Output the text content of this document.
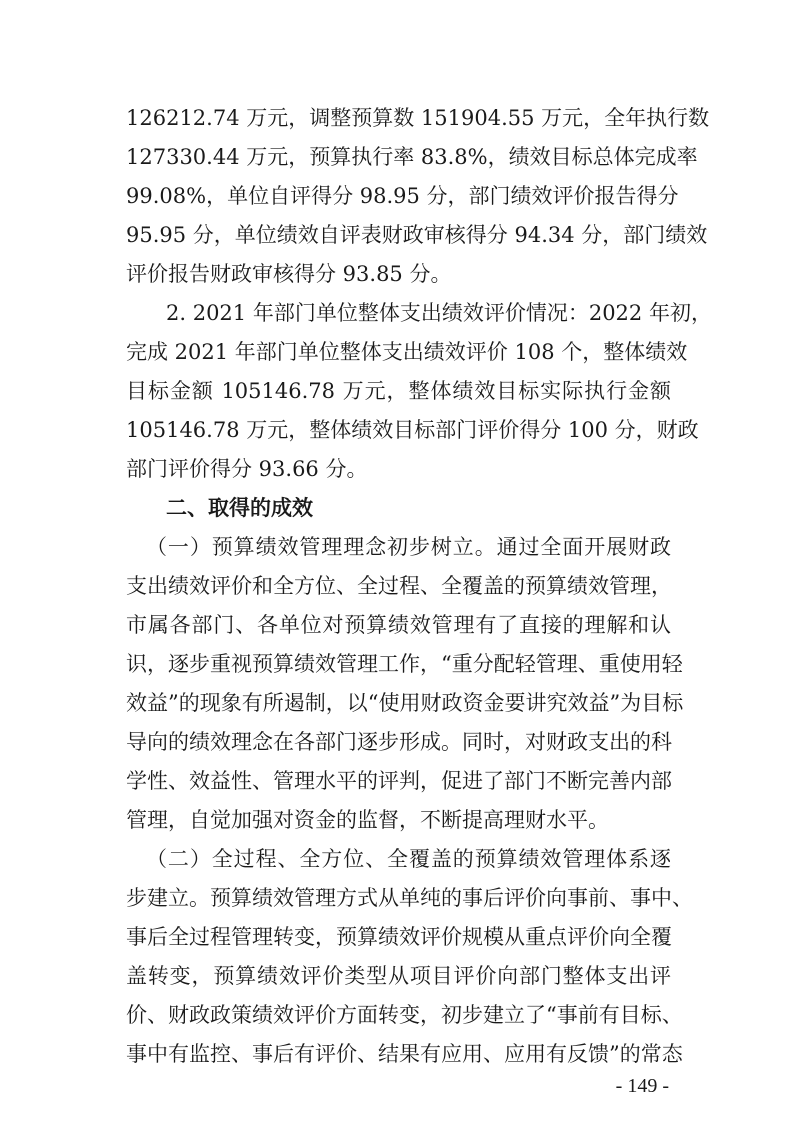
126212.74 万元，调整预算数 151904.55 万元，全年执行数
127330.44 万元，预算执行率 83.8%，绩效目标总体完成率
99.08%，单位自评得分 98.95 分，部门绩效评价报告得分
95.95 分，单位绩效自评表财政审核得分 94.34 分，部门绩效
评价报告财政审核得分 93.85 分。
2. 2021 年部门单位整体支出绩效评价情况：2022 年初，
完成 2021 年部门单位整体支出绩效评价 108 个，整体绩效
目标金额 105146.78 万元，整体绩效目标实际执行金额
105146.78 万元，整体绩效目标部门评价得分 100 分，财政
部门评价得分 93.66 分。
二、取得的成效
（一）预算绩效管理理念初步树立。通过全面开展财政
支出绩效评价和全方位、全过程、全覆盖的预算绩效管理，
市属各部门、各单位对预算绩效管理有了直接的理解和认
识，逐步重视预算绩效管理工作，“重分配轻管理、重使用轻
效益”的现象有所遏制，以“使用财政资金要讲究效益”为目标
导向的绩效理念在各部门逐步形成。同时，对财政支出的科
学性、效益性、管理水平的评判，促进了部门不断完善内部
管理，自觉加强对资金的监督，不断提高理财水平。
（二）全过程、全方位、全覆盖的预算绩效管理体系逐
步建立。预算绩效管理方式从单纯的事后评价向事前、事中、
事后全过程管理转变，预算绩效评价规模从重点评价向全覆
盖转变，预算绩效评价类型从项目评价向部门整体支出评
价、财政政策绩效评价方面转变，初步建立了“事前有目标、
事中有监控、事后有评价、结果有应用、应用有反馈”的常态
- 149 -
